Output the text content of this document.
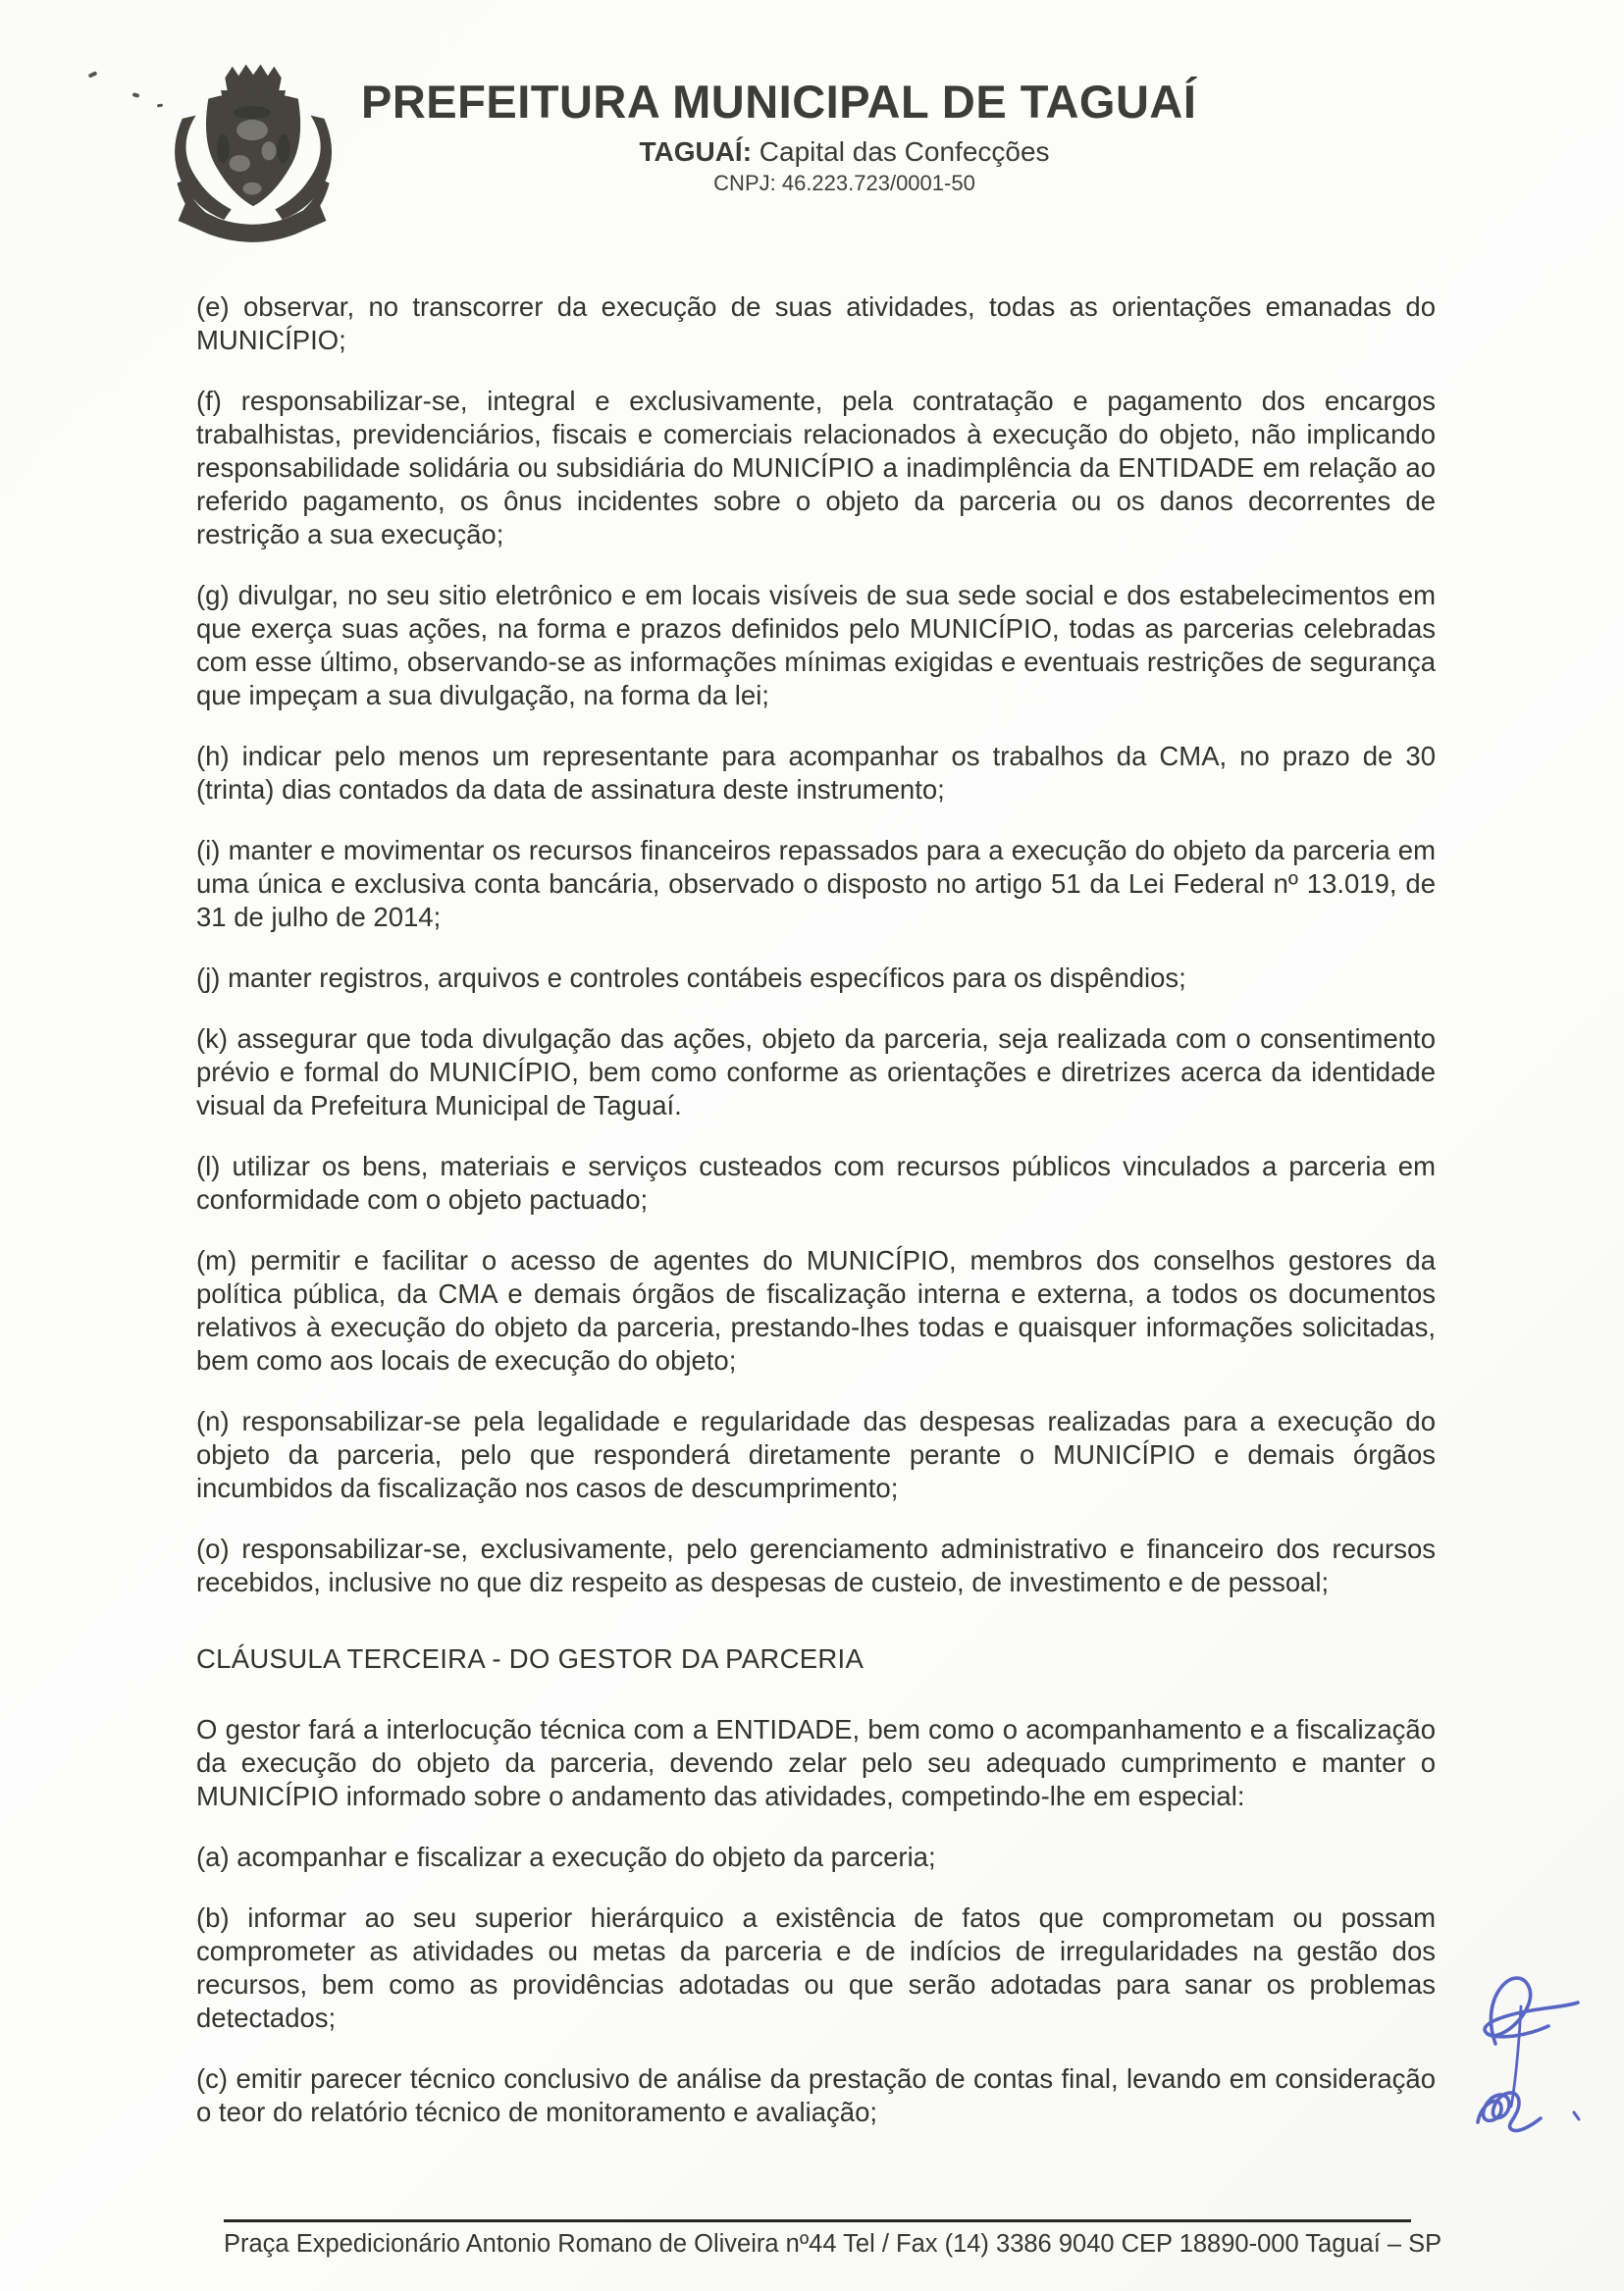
PREFEITURA MUNICIPAL DE TAGUAÍ
TAGUAÍ: Capital das Confecções
CNPJ: 46.223.723/0001-50

(e) observar, no transcorrer da execução de suas atividades, todas as orientações emanadas do MUNICÍPIO;

(f) responsabilizar-se, integral e exclusivamente, pela contratação e pagamento dos encargos trabalhistas, previdenciários, fiscais e comerciais relacionados à execução do objeto, não implicando responsabilidade solidária ou subsidiária do MUNICÍPIO a inadimplência da ENTIDADE em relação ao referido pagamento, os ônus incidentes sobre o objeto da parceria ou os danos decorrentes de restrição a sua execução;

(g) divulgar, no seu sitio eletrônico e em locais visíveis de sua sede social e dos estabelecimentos em que exerça suas ações, na forma e prazos definidos pelo MUNICÍPIO, todas as parcerias celebradas com esse último, observando-se as informações mínimas exigidas e eventuais restrições de segurança que impeçam a sua divulgação, na forma da lei;

(h) indicar pelo menos um representante para acompanhar os trabalhos da CMA, no prazo de 30 (trinta) dias contados da data de assinatura deste instrumento;

(i) manter e movimentar os recursos financeiros repassados para a execução do objeto da parceria em uma única e exclusiva conta bancária, observado o disposto no artigo 51 da Lei Federal nº 13.019, de 31 de julho de 2014;

(j) manter registros, arquivos e controles contábeis específicos para os dispêndios;

(k) assegurar que toda divulgação das ações, objeto da parceria, seja realizada com o consentimento prévio e formal do MUNICÍPIO, bem como conforme as orientações e diretrizes acerca da identidade visual da Prefeitura Municipal de Taguaí.

(l) utilizar os bens, materiais e serviços custeados com recursos públicos vinculados a parceria em conformidade com o objeto pactuado;

(m) permitir e facilitar o acesso de agentes do MUNICÍPIO, membros dos conselhos gestores da política pública, da CMA e demais órgãos de fiscalização interna e externa, a todos os documentos relativos à execução do objeto da parceria, prestando-lhes todas e quaisquer informações solicitadas, bem como aos locais de execução do objeto;

(n) responsabilizar-se pela legalidade e regularidade das despesas realizadas para a execução do objeto da parceria, pelo que responderá diretamente perante o MUNICÍPIO e demais órgãos incumbidos da fiscalização nos casos de descumprimento;

(o) responsabilizar-se, exclusivamente, pelo gerenciamento administrativo e financeiro dos recursos recebidos, inclusive no que diz respeito as despesas de custeio, de investimento e de pessoal;

CLÁUSULA TERCEIRA - DO GESTOR DA PARCERIA

O gestor fará a interlocução técnica com a ENTIDADE, bem como o acompanhamento e a fiscalização da execução do objeto da parceria, devendo zelar pelo seu adequado cumprimento e manter o MUNICÍPIO informado sobre o andamento das atividades, competindo-lhe em especial:

(a) acompanhar e fiscalizar a execução do objeto da parceria;

(b) informar ao seu superior hierárquico a existência de fatos que comprometam ou possam comprometer as atividades ou metas da parceria e de indícios de irregularidades na gestão dos recursos, bem como as providências adotadas ou que serão adotadas para sanar os problemas detectados;

(c) emitir parecer técnico conclusivo de análise da prestação de contas final, levando em consideração o teor do relatório técnico de monitoramento e avaliação;

Praça Expedicionário Antonio Romano de Oliveira nº44 Tel / Fax (14) 3386 9040 CEP 18890-000 Taguaí – SP
